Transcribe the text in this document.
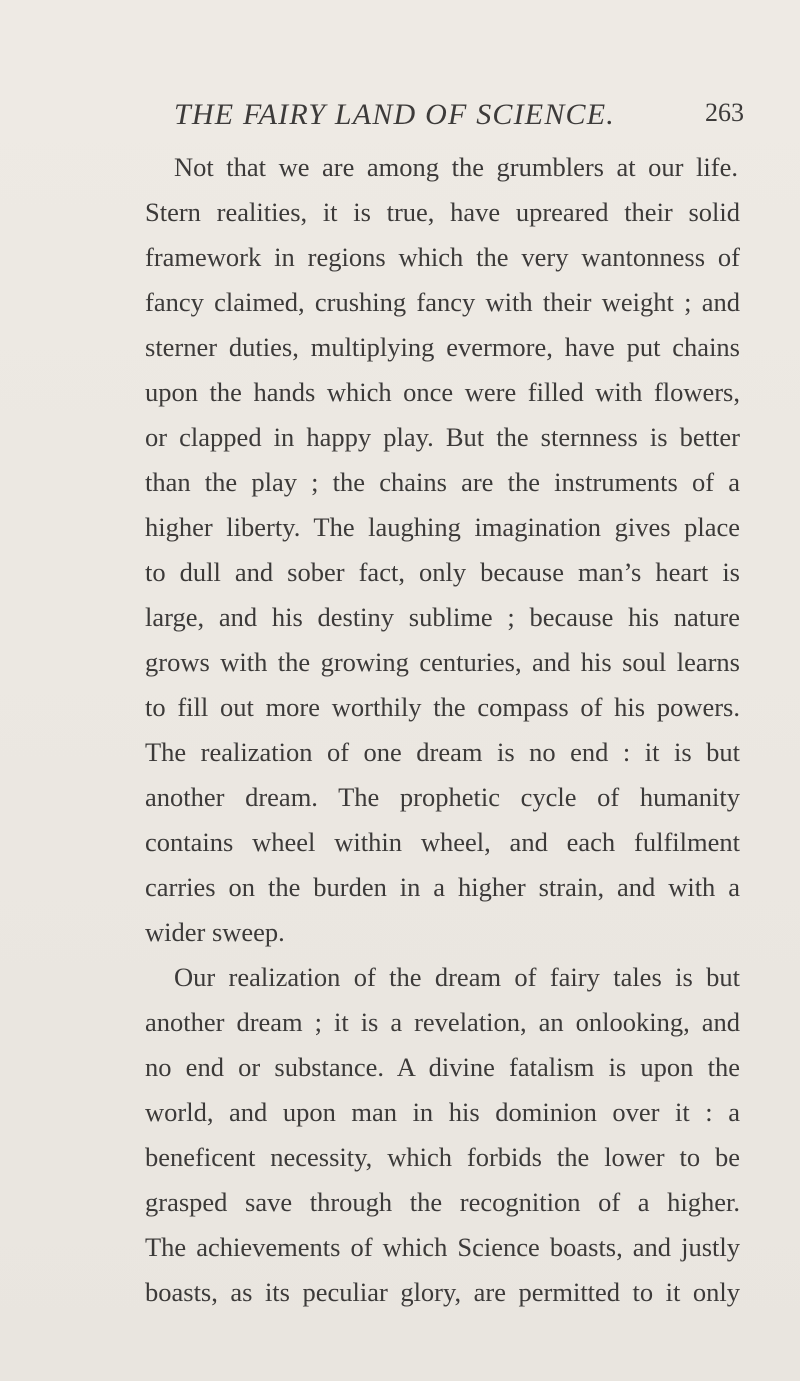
THE FAIRY LAND OF SCIENCE.	263
Not that we are among the grumblers at our life.
Stern realities, it is true, have upreared their solid
framework in regions which the very wantonness of
fancy claimed, crushing fancy with their weight ; and
sterner duties, multiplying evermore, have put chains
upon the hands which once were filled with flowers,
or clapped in happy play. But the sternness is better
than the play ; the chains are the instruments of a
higher liberty. The laughing imagination gives place
to dull and sober fact, only because man’s heart is
large, and his destiny sublime ; because his nature
grows with the growing centuries, and his soul learns
to fill out more worthily the compass of his powers.
The realization of one dream is no end : it is but
another dream. The prophetic cycle of humanity
contains wheel within wheel, and each fulfilment
carries on the burden in a higher strain, and with a
wider sweep.
Our realization of the dream of fairy tales is but
another dream ; it is a revelation, an onlooking, and
no end or substance. A divine fatalism is upon the
world, and upon man in his dominion over it : a
beneficent necessity, which forbids the lower to be
grasped save through the recognition of a higher.
The achievements of which Science boasts, and justly
boasts, as its peculiar glory, are permitted to it only
